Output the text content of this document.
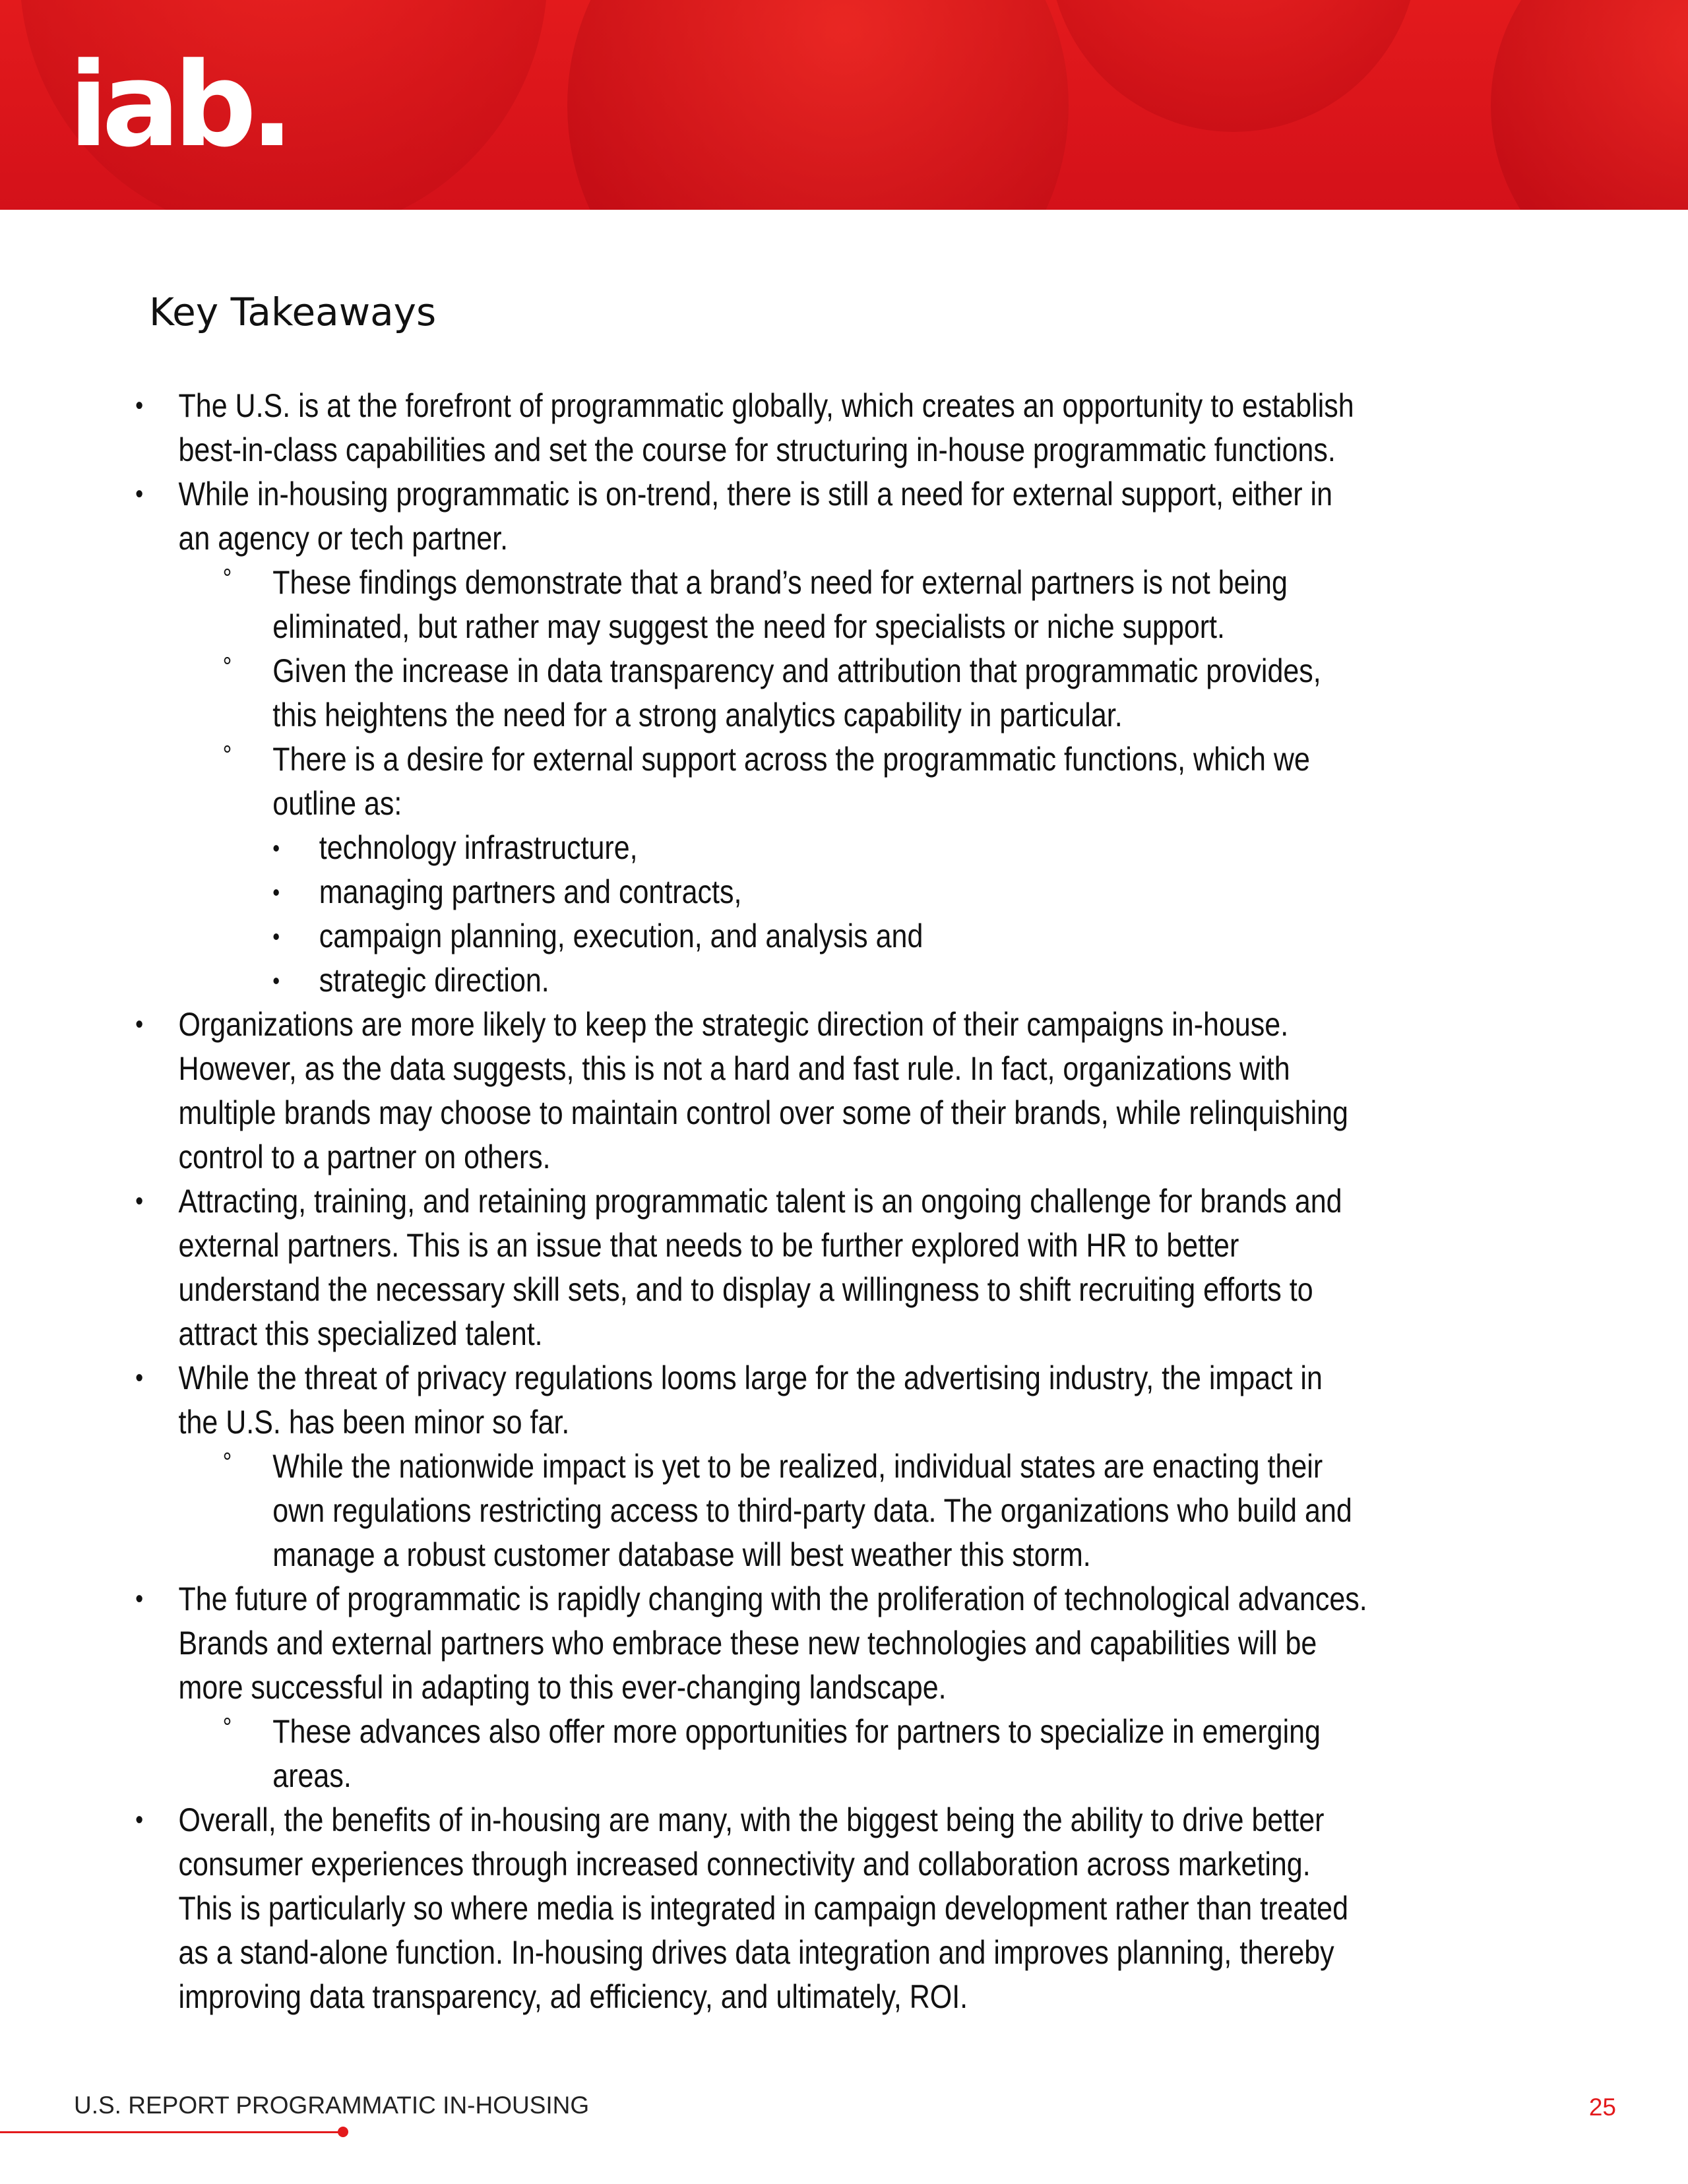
iab.
Key Takeaways
• The U.S. is at the forefront of programmatic globally, which creates an opportunity to establish best-in-class capabilities and set the course for structuring in-house programmatic functions.
• While in-housing programmatic is on-trend, there is still a need for external support, either in an agency or tech partner.
° These findings demonstrate that a brand’s need for external partners is not being eliminated, but rather may suggest the need for specialists or niche support.
° Given the increase in data transparency and attribution that programmatic provides, this heightens the need for a strong analytics capability in particular.
° There is a desire for external support across the programmatic functions, which we outline as:
• technology infrastructure,
• managing partners and contracts,
• campaign planning, execution, and analysis and
• strategic direction.
• Organizations are more likely to keep the strategic direction of their campaigns in-house. However, as the data suggests, this is not a hard and fast rule. In fact, organizations with multiple brands may choose to maintain control over some of their brands, while relinquishing control to a partner on others.
• Attracting, training, and retaining programmatic talent is an ongoing challenge for brands and external partners. This is an issue that needs to be further explored with HR to better understand the necessary skill sets, and to display a willingness to shift recruiting efforts to attract this specialized talent.
• While the threat of privacy regulations looms large for the advertising industry, the impact in the U.S. has been minor so far.
° While the nationwide impact is yet to be realized, individual states are enacting their own regulations restricting access to third-party data. The organizations who build and manage a robust customer database will best weather this storm.
• The future of programmatic is rapidly changing with the proliferation of technological advances. Brands and external partners who embrace these new technologies and capabilities will be more successful in adapting to this ever-changing landscape.
° These advances also offer more opportunities for partners to specialize in emerging areas.
• Overall, the benefits of in-housing are many, with the biggest being the ability to drive better consumer experiences through increased connectivity and collaboration across marketing. This is particularly so where media is integrated in campaign development rather than treated as a stand-alone function. In-housing drives data integration and improves planning, thereby improving data transparency, ad efficiency, and ultimately, ROI.
U.S. REPORT PROGRAMMATIC IN-HOUSING	25
